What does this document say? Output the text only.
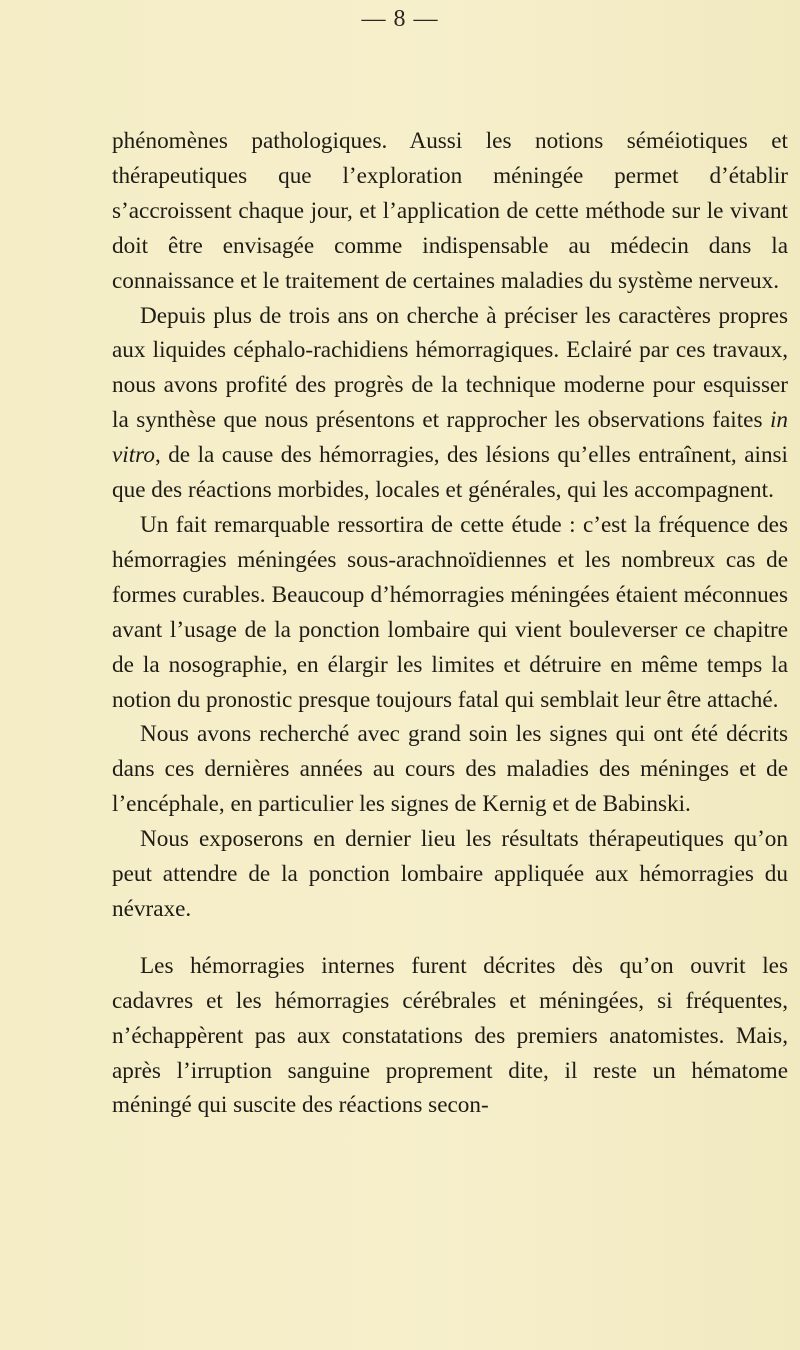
— 8 —

phénomènes pathologiques. Aussi les notions séméiotiques et thérapeutiques que l’exploration méningée permet d’établir s’accroissent chaque jour, et l’application de cette méthode sur le vivant doit être envisagée comme indispensable au médecin dans la connaissance et le traitement de certaines maladies du système nerveux.

Depuis plus de trois ans on cherche à préciser les caractères propres aux liquides céphalo-rachidiens hémorragiques. Eclairé par ces travaux, nous avons profité des progrès de la technique moderne pour esquisser la synthèse que nous présentons et rapprocher les observations faites in vitro, de la cause des hémorragies, des lésions qu’elles entraînent, ainsi que des réactions morbides, locales et générales, qui les accompagnent.

Un fait remarquable ressortira de cette étude : c’est la fréquence des hémorragies méningées sous-arachnoïdiennes et les nombreux cas de formes curables. Beaucoup d’hémorragies méningées étaient méconnues avant l’usage de la ponction lombaire qui vient bouleverser ce chapitre de la nosographie, en élargir les limites et détruire en même temps la notion du pronostic presque toujours fatal qui semblait leur être attaché.

Nous avons recherché avec grand soin les signes qui ont été décrits dans ces dernières années au cours des maladies des méninges et de l’encéphale, en particulier les signes de Kernig et de Babinski.

Nous exposerons en dernier lieu les résultats thérapeutiques qu’on peut attendre de la ponction lombaire appliquée aux hémorragies du névraxe.

Les hémorragies internes furent décrites dès qu’on ouvrit les cadavres et les hémorragies cérébrales et méningées, si fréquentes, n’échappèrent pas aux constatations des premiers anatomistes. Mais, après l’irruption sanguine proprement dite, il reste un hématome méningé qui suscite des réactions secon-
